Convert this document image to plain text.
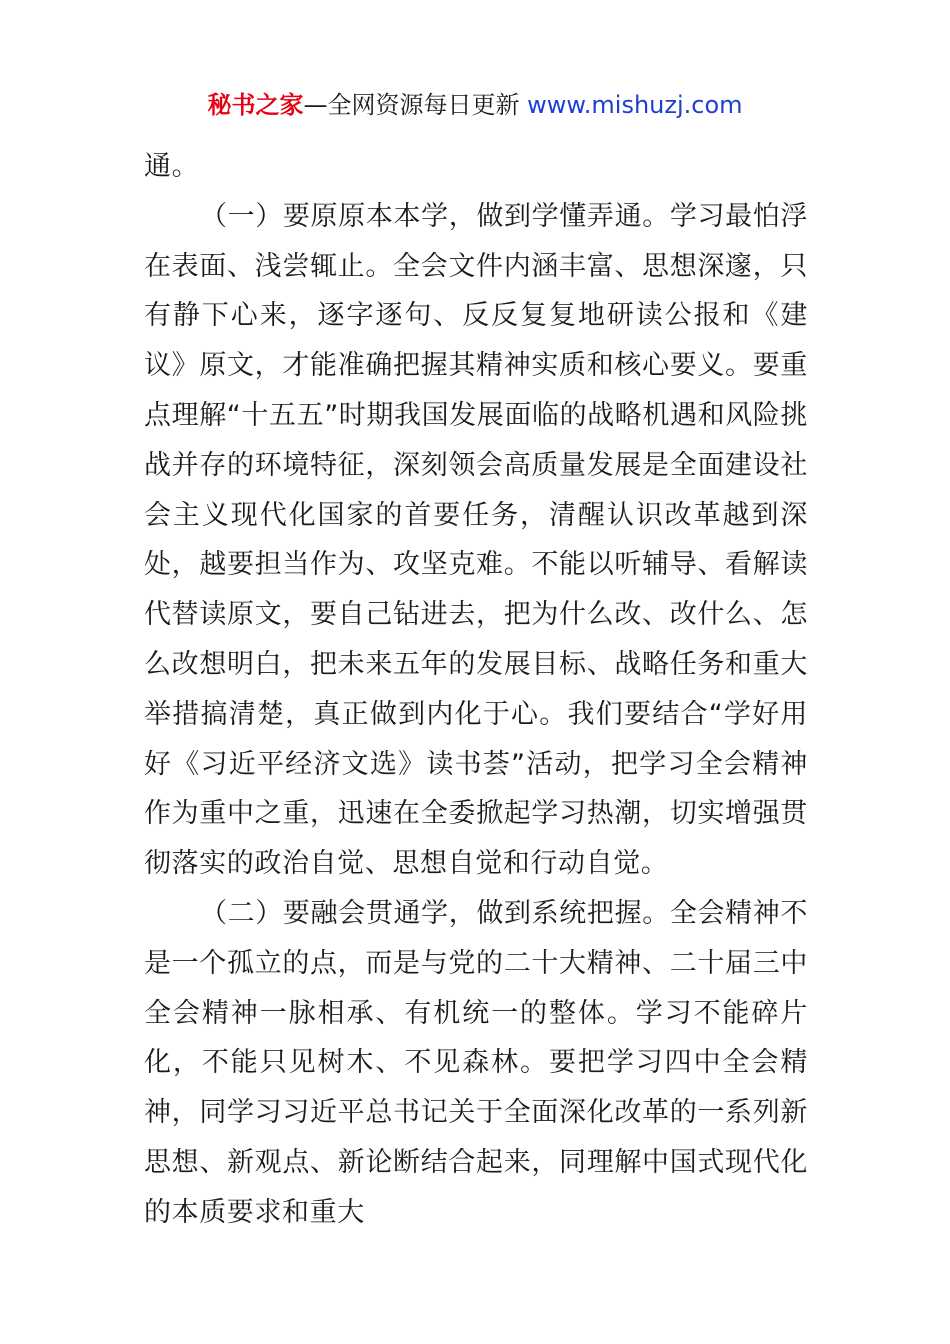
秘书之家—全网资源每日更新 www.mishuzj.com

通。

（一）要原原本本学，做到学懂弄通。学习最怕浮在表面、浅尝辄止。全会文件内涵丰富、思想深邃，只有静下心来，逐字逐句、反反复复地研读公报和《建议》原文，才能准确把握其精神实质和核心要义。要重点理解“十五五”时期我国发展面临的战略机遇和风险挑战并存的环境特征，深刻领会高质量发展是全面建设社会主义现代化国家的首要任务，清醒认识改革越到深处，越要担当作为、攻坚克难。不能以听辅导、看解读代替读原文，要自己钻进去，把为什么改、改什么、怎么改想明白，把未来五年的发展目标、战略任务和重大举措搞清楚，真正做到内化于心。我们要结合“学好用好《习近平经济文选》读书荟”活动，把学习全会精神作为重中之重，迅速在全委掀起学习热潮，切实增强贯彻落实的政治自觉、思想自觉和行动自觉。

（二）要融会贯通学，做到系统把握。全会精神不是一个孤立的点，而是与党的二十大精神、二十届三中全会精神一脉相承、有机统一的整体。学习不能碎片化，不能只见树木、不见森林。要把学习四中全会精神，同学习习近平总书记关于全面深化改革的一系列新思想、新观点、新论断结合起来，同理解中国式现代化的本质要求和重大
